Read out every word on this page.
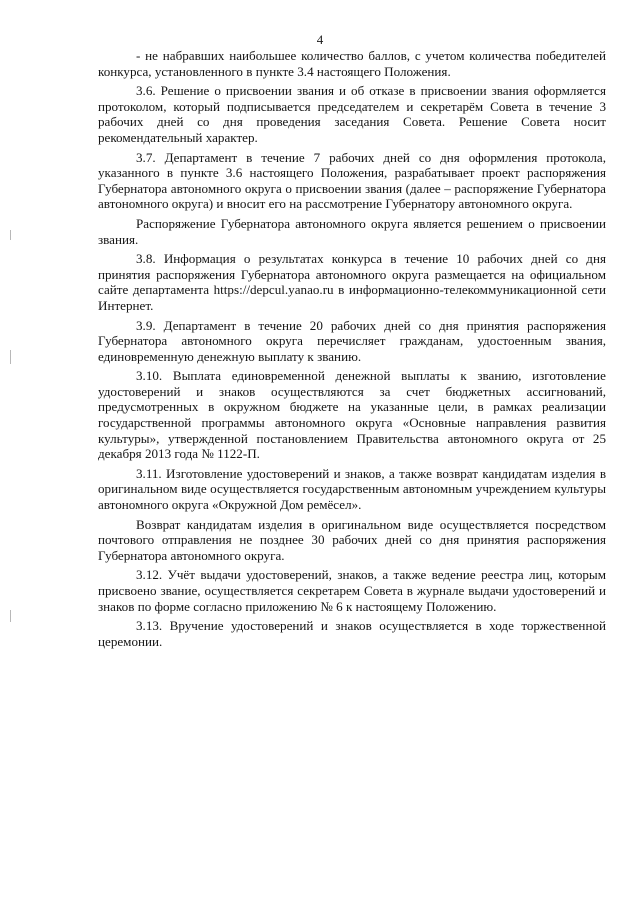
4

- не набравших наибольшее количество баллов, с учетом количества победителей конкурса, установленного в пункте 3.4 настоящего Положения.

3.6. Решение о присвоении звания и об отказе в присвоении звания оформляется протоколом, который подписывается председателем и секретарём Совета в течение 3 рабочих дней со дня проведения заседания Совета. Решение Совета носит рекомендательный характер.

3.7. Департамент в течение 7 рабочих дней со дня оформления протокола, указанного в пункте 3.6 настоящего Положения, разрабатывает проект распоряжения Губернатора автономного округа о присвоении звания (далее – распоряжение Губернатора автономного округа) и вносит его на рассмотрение Губернатору автономного округа.

Распоряжение Губернатора автономного округа является решением о присвоении звания.

3.8. Информация о результатах конкурса в течение 10 рабочих дней со дня принятия распоряжения Губернатора автономного округа размещается на официальном сайте департамента https://depcul.yanao.ru в информационно-телекоммуникационной сети Интернет.

3.9. Департамент в течение 20 рабочих дней со дня принятия распоряжения Губернатора автономного округа перечисляет гражданам, удостоенным звания, единовременную денежную выплату к званию.

3.10. Выплата единовременной денежной выплаты к званию, изготовление удостоверений и знаков осуществляются за счет бюджетных ассигнований, предусмотренных в окружном бюджете на указанные цели, в рамках реализации государственной программы автономного округа «Основные направления развития культуры», утвержденной постановлением Правительства автономного округа от 25 декабря 2013 года № 1122-П.

3.11. Изготовление удостоверений и знаков, а также возврат кандидатам изделия в оригинальном виде осуществляется государственным автономным учреждением культуры автономного округа «Окружной Дом ремёсел».

Возврат кандидатам изделия в оригинальном виде осуществляется посредством почтового отправления не позднее 30 рабочих дней со дня принятия распоряжения Губернатора автономного округа.

3.12. Учёт выдачи удостоверений, знаков, а также ведение реестра лиц, которым присвоено звание, осуществляется секретарем Совета в журнале выдачи удостоверений и знаков по форме согласно приложению № 6 к настоящему Положению.

3.13. Вручение удостоверений и знаков осуществляется в ходе торжественной церемонии.
